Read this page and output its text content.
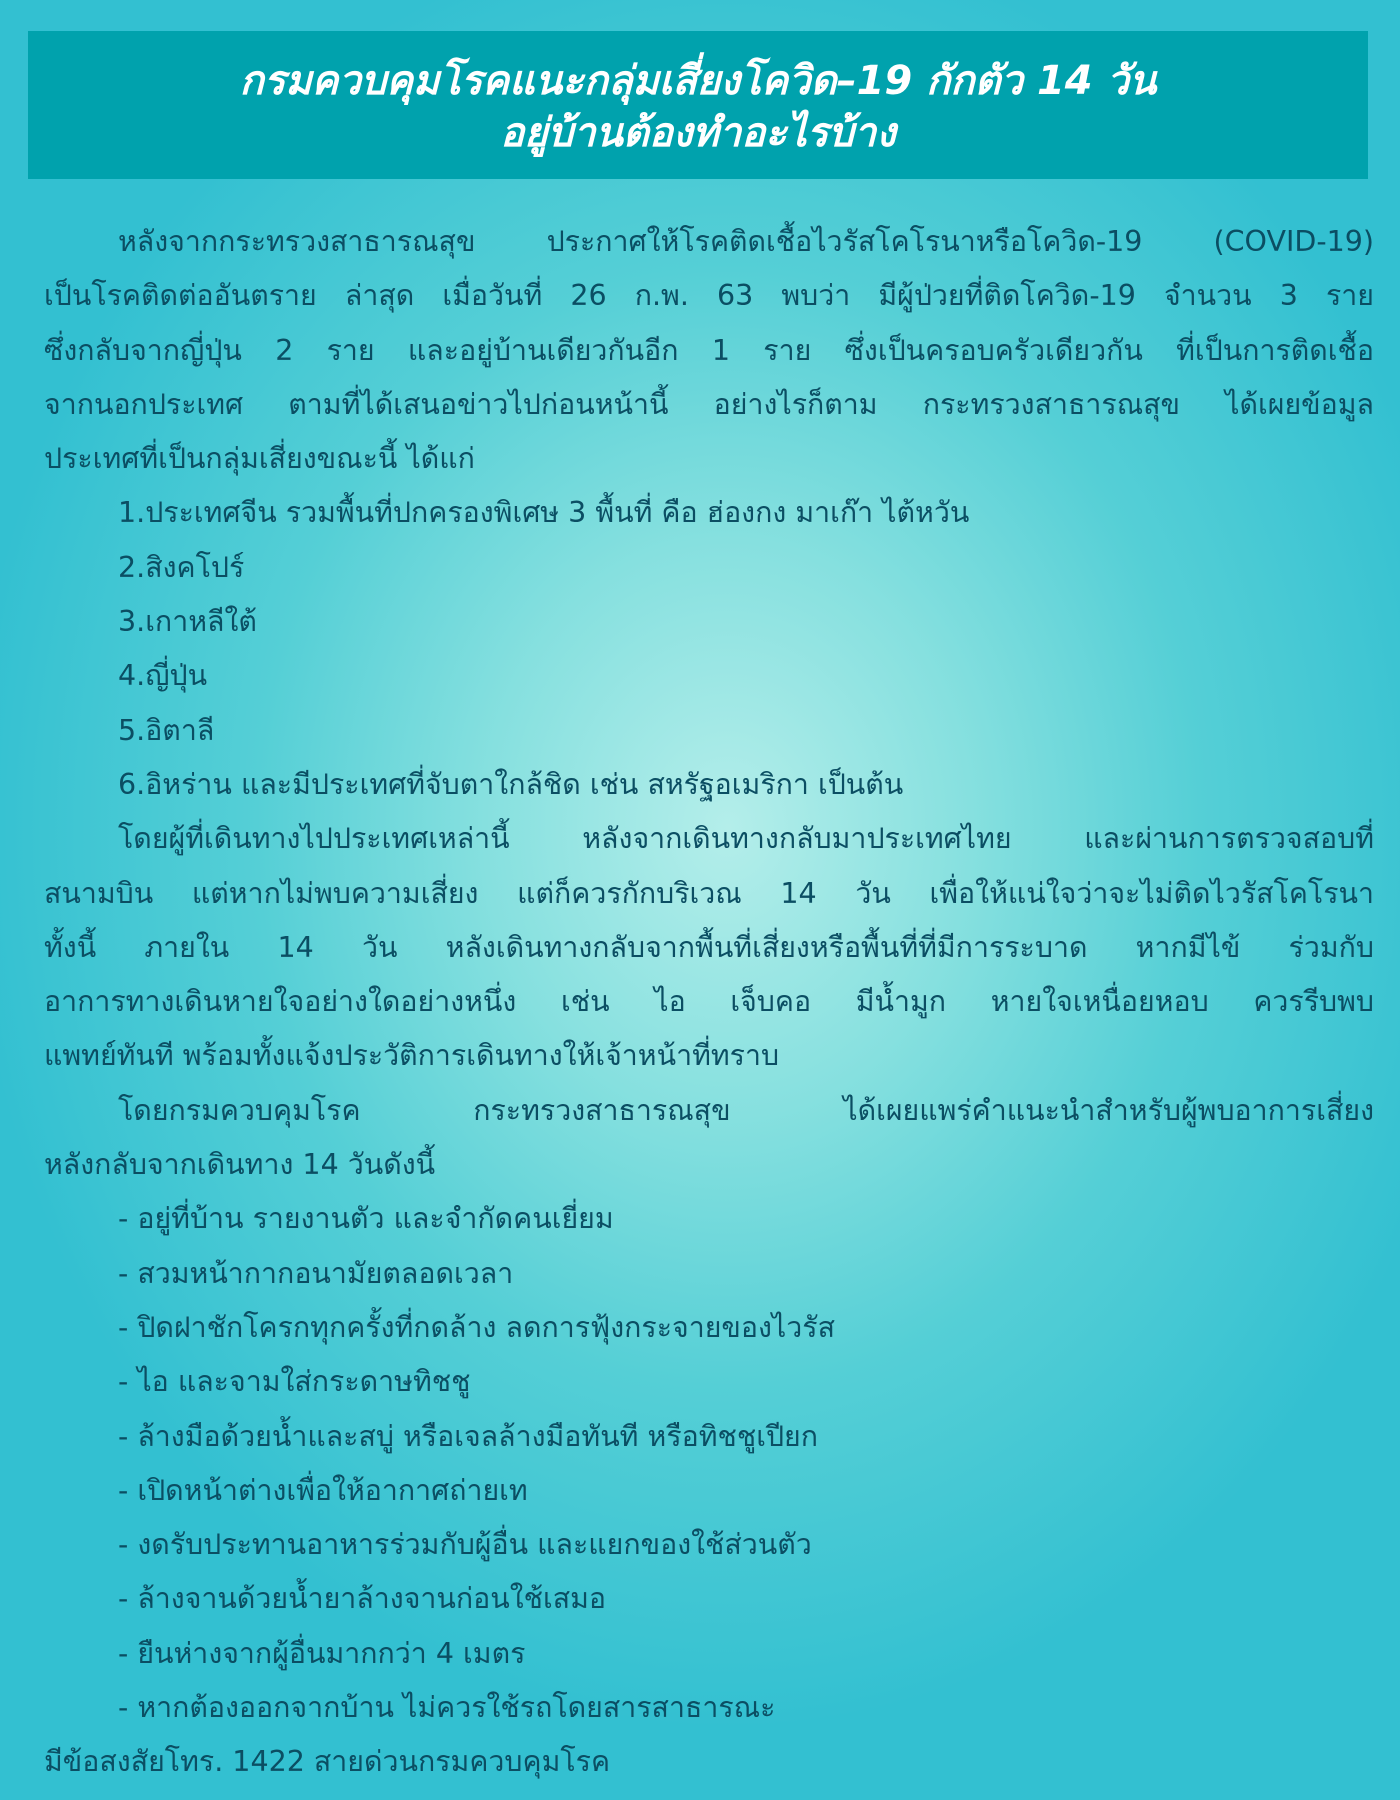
กรมควบคุมโรคแนะกลุ่มเสี่ยงโควิด–19 กักตัว 14 วัน
อยู่บ้านต้องทำอะไรบ้าง
หลังจากกระทรวงสาธารณสุข ประกาศให้โรคติดเชื้อไวรัสโคโรนาหรือโควิด-19 (COVID-19)
เป็นโรคติดต่ออันตราย ล่าสุด เมื่อวันที่ 26 ก.พ. 63 พบว่า มีผู้ป่วยที่ติดโควิด-19 จำนวน 3 ราย
ซึ่งกลับจากญี่ปุ่น 2 ราย และอยู่บ้านเดียวกันอีก 1 ราย ซึ่งเป็นครอบครัวเดียวกัน ที่เป็นการติดเชื้อ
จากนอกประเทศ ตามที่ได้เสนอข่าวไปก่อนหน้านี้ อย่างไรก็ตาม กระทรวงสาธารณสุข ได้เผยข้อมูล
ประเทศที่เป็นกลุ่มเสี่ยงขณะนี้ ได้แก่
1.ประเทศจีน รวมพื้นที่ปกครองพิเศษ 3 พื้นที่ คือ ฮ่องกง มาเก๊า ไต้หวัน
2.สิงคโปร์
3.เกาหลีใต้
4.ญี่ปุ่น
5.อิตาลี
6.อิหร่าน และมีประเทศที่จับตาใกล้ชิด เช่น สหรัฐอเมริกา เป็นต้น
โดยผู้ที่เดินทางไปประเทศเหล่านี้ หลังจากเดินทางกลับมาประเทศไทย และผ่านการตรวจสอบที่
สนามบิน แต่หากไม่พบความเสี่ยง แต่ก็ควรกักบริเวณ 14 วัน เพื่อให้แน่ใจว่าจะไม่ติดไวรัสโคโรนา
ทั้งนี้ ภายใน 14 วัน หลังเดินทางกลับจากพื้นที่เสี่ยงหรือพื้นที่ที่มีการระบาด หากมีไข้ ร่วมกับ
อาการทางเดินหายใจอย่างใดอย่างหนึ่ง เช่น ไอ เจ็บคอ มีน้ำมูก หายใจเหนื่อยหอบ ควรรีบพบ
แพทย์ทันที พร้อมทั้งแจ้งประวัติการเดินทางให้เจ้าหน้าที่ทราบ
โดยกรมควบคุมโรค กระทรวงสาธารณสุข ได้เผยแพร่คำแนะนำสำหรับผู้พบอาการเสี่ยง
หลังกลับจากเดินทาง 14 วันดังนี้
- อยู่ที่บ้าน รายงานตัว และจำกัดคนเยี่ยม
- สวมหน้ากากอนามัยตลอดเวลา
- ปิดฝาชักโครกทุกครั้งที่กดล้าง ลดการฟุ้งกระจายของไวรัส
- ไอ และจามใส่กระดาษทิชชู
- ล้างมือด้วยน้ำและสบู่ หรือเจลล้างมือทันที หรือทิชชูเปียก
- เปิดหน้าต่างเพื่อให้อากาศถ่ายเท
- งดรับประทานอาหารร่วมกับผู้อื่น และแยกของใช้ส่วนตัว
- ล้างจานด้วยน้ำยาล้างจานก่อนใช้เสมอ
- ยืนห่างจากผู้อื่นมากกว่า 4 เมตร
- หากต้องออกจากบ้าน ไม่ควรใช้รถโดยสารสาธารณะ
มีข้อสงสัยโทร. 1422 สายด่วนกรมควบคุมโรค
